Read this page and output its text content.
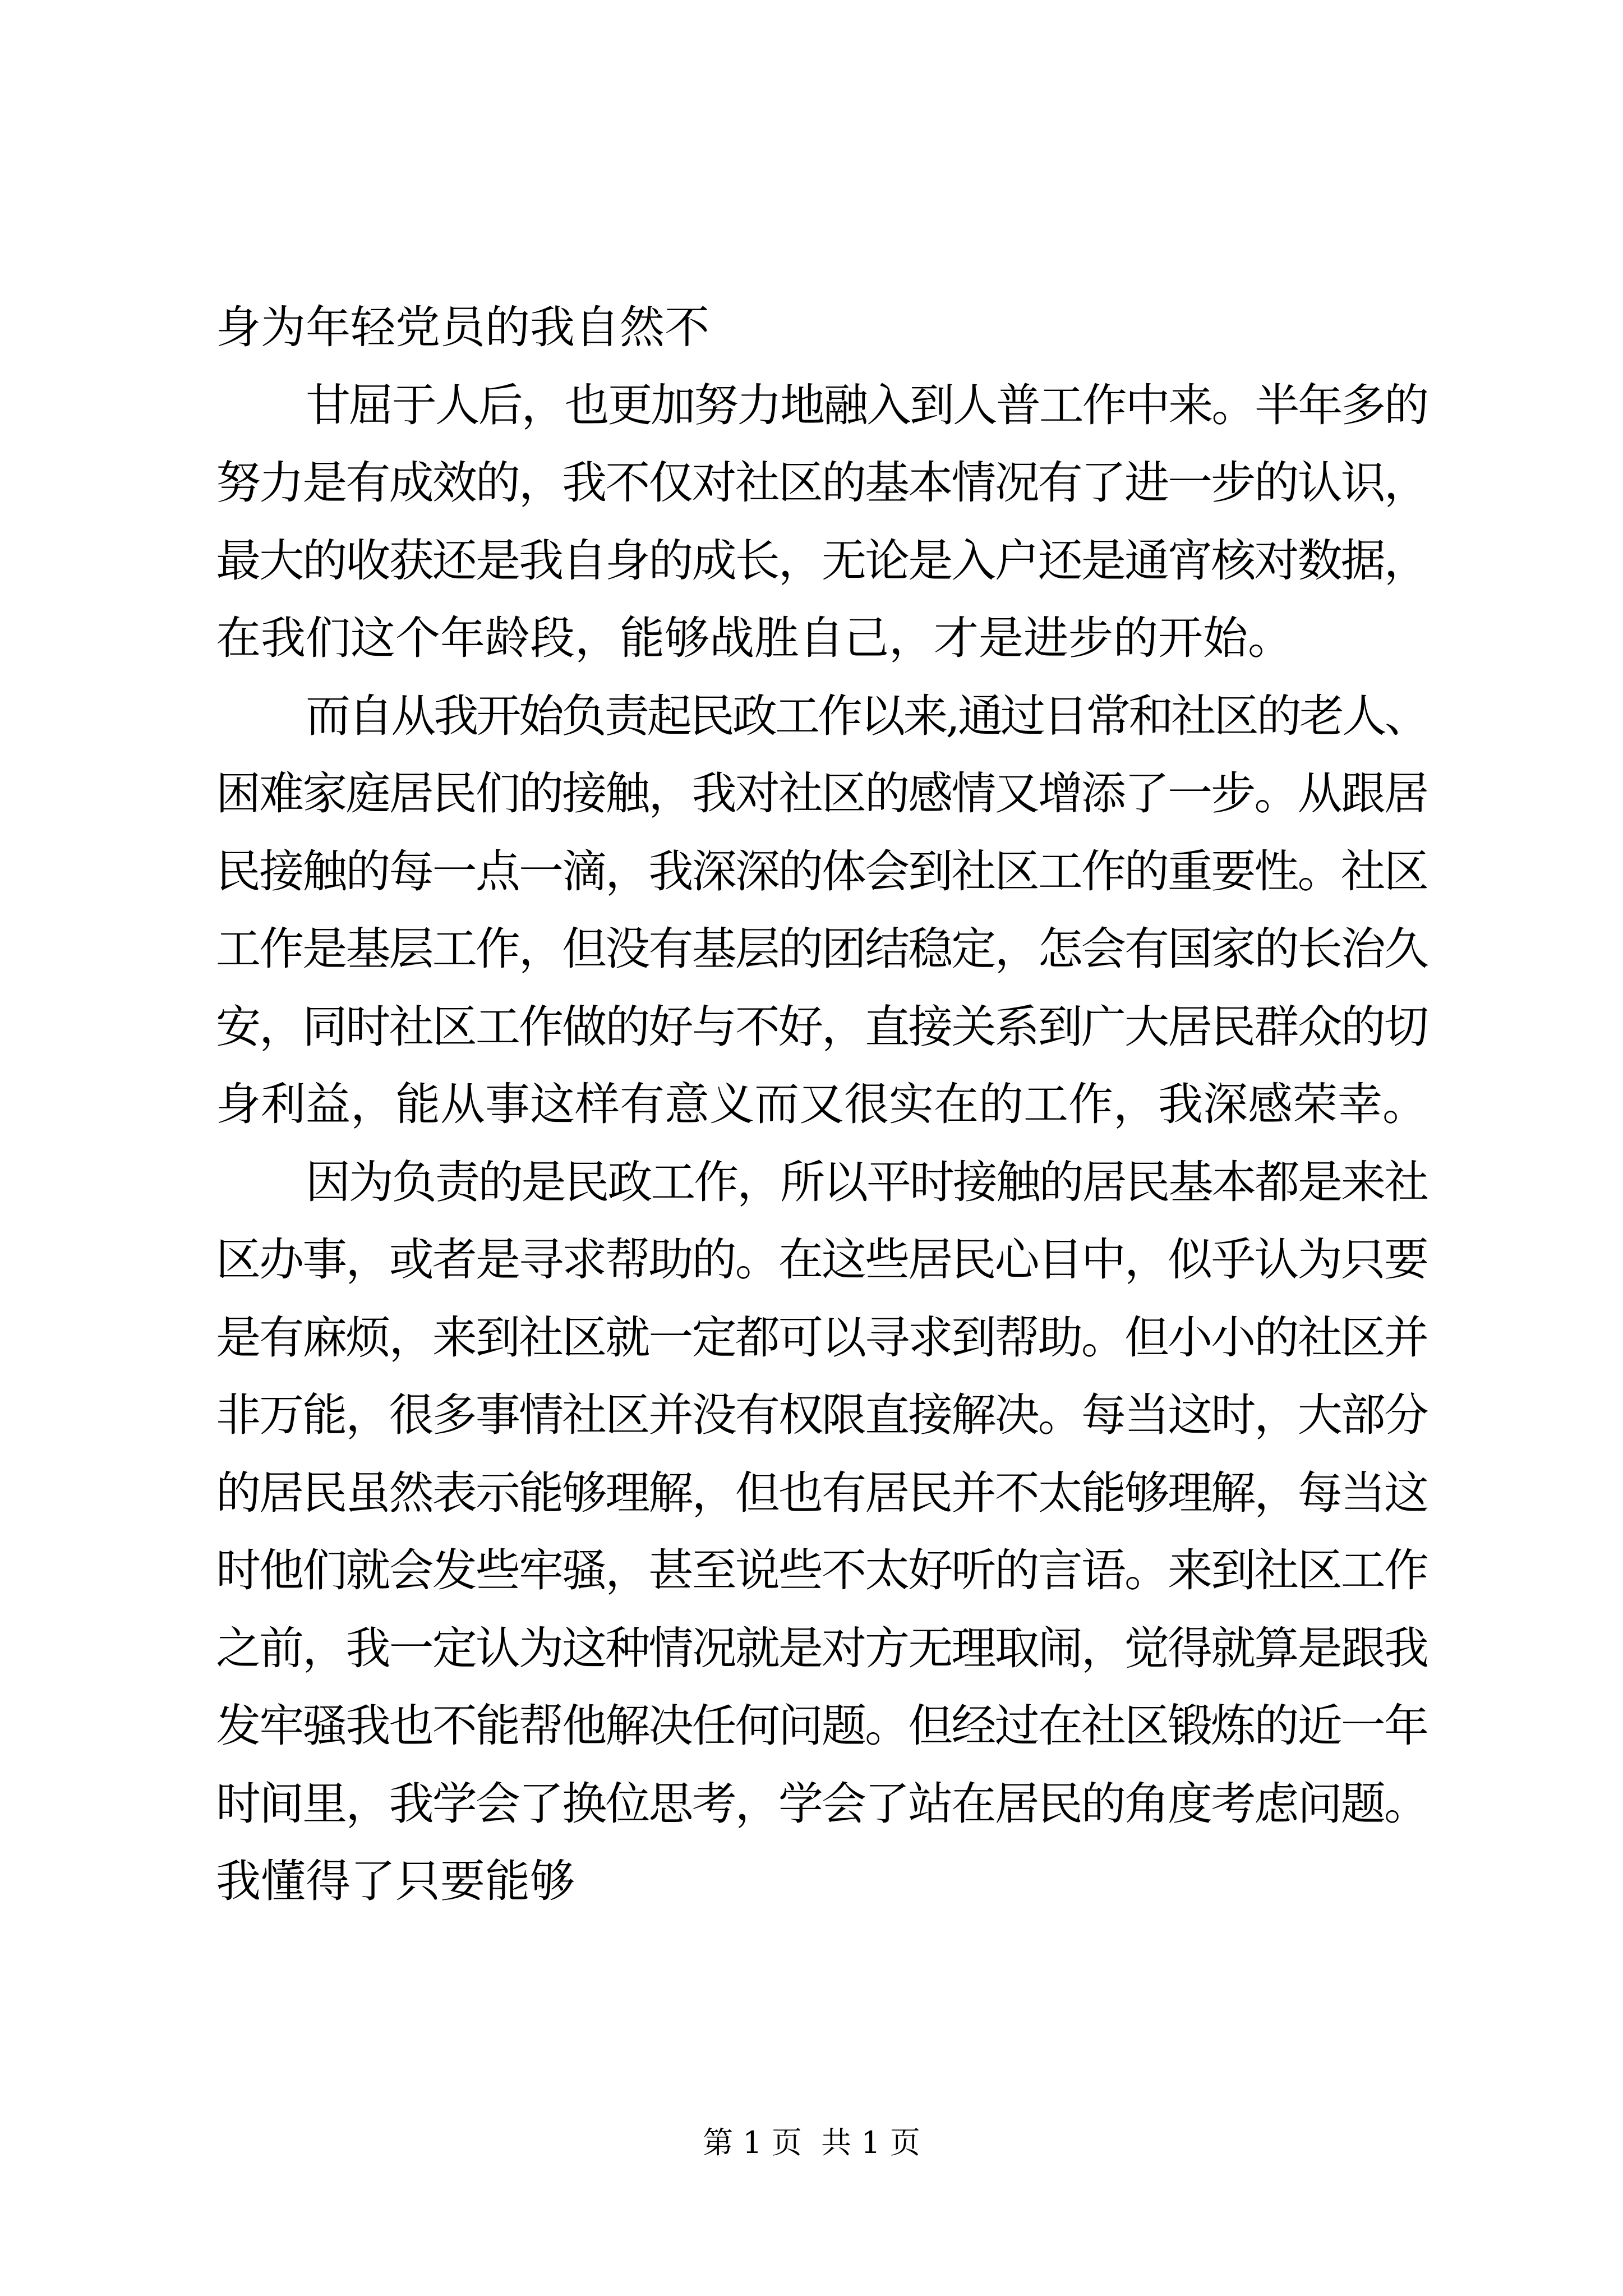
身为年轻党员的我自然不
甘屈于人后，也更加努力地融入到人普工作中来。半年多的
努力是有成效的，我不仅对社区的基本情况有了进一步的认识，
最大的收获还是我自身的成长，无论是入户还是通宵核对数据，
在我们这个年龄段，能够战胜自己，才是进步的开始。
而自从我开始负责起民政工作以来,通过日常和社区的老人、
困难家庭居民们的接触，我对社区的感情又增添了一步。从跟居
民接触的每一点一滴，我深深的体会到社区工作的重要性。社区
工作是基层工作，但没有基层的团结稳定，怎会有国家的长治久
安，同时社区工作做的好与不好，直接关系到广大居民群众的切
身利益，能从事这样有意义而又很实在的工作，我深感荣幸。
因为负责的是民政工作，所以平时接触的居民基本都是来社
区办事，或者是寻求帮助的。在这些居民心目中，似乎认为只要
是有麻烦，来到社区就一定都可以寻求到帮助。但小小的社区并
非万能，很多事情社区并没有权限直接解决。每当这时，大部分
的居民虽然表示能够理解，但也有居民并不太能够理解，每当这
时他们就会发些牢骚，甚至说些不太好听的言语。来到社区工作
之前，我一定认为这种情况就是对方无理取闹，觉得就算是跟我
发牢骚我也不能帮他解决任何问题。但经过在社区锻炼的近一年
时间里，我学会了换位思考，学会了站在居民的角度考虑问题。
我懂得了只要能够
第 1 页  共 1 页
